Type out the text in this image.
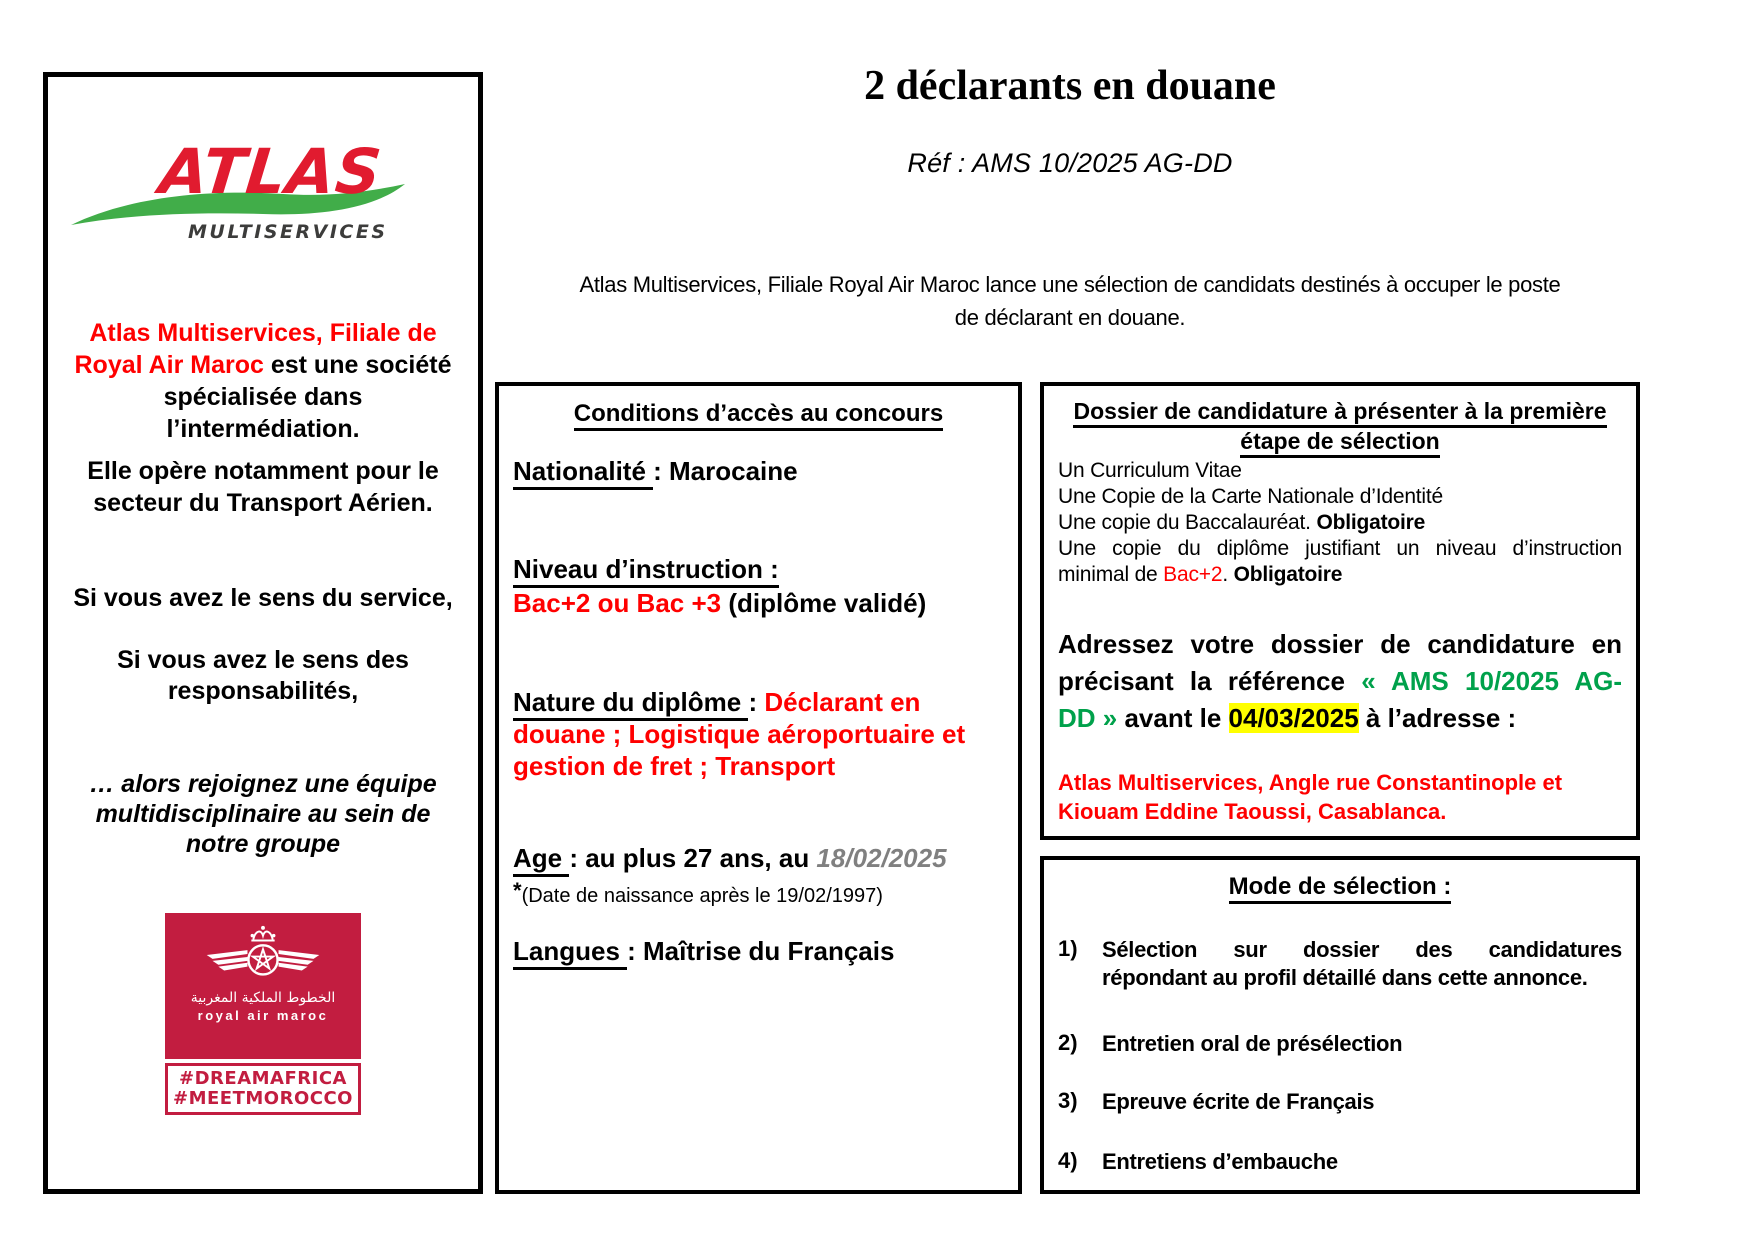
2 déclarants en douane
Réf : AMS 10/2025 AG-DD
Atlas Multiservices, Filiale Royal Air Maroc lance une sélection de candidats destinés à occuper le poste
de déclarant en douane.
ATLAS
MULTISERVICES
Atlas Multiservices, Filiale de
Royal Air Maroc est une société
spécialisée dans
l’intermédiation.
Elle opère notamment pour le
secteur du Transport Aérien.
Si vous avez le sens du service,
Si vous avez le sens des
responsabilités,
… alors rejoignez une équipe
multidisciplinaire au sein de
notre groupe
الخطوط الملكية المغربية
royal air maroc
#DREAMAFRICA
#MEETMOROCCO
Conditions d’accès au concours
Nationalité : Marocaine
Niveau d’instruction :
Bac+2 ou Bac +3 (diplôme validé)
Nature du diplôme : Déclarant en
douane ; Logistique aéroportuaire et
gestion de fret ; Transport
Age : au plus 27 ans, au 18/02/2025
*(Date de naissance après le 19/02/1997)
Langues : Maîtrise du Français
Dossier de candidature à présenter à la première
étape de sélection
Un Curriculum Vitae
Une Copie de la Carte Nationale d’Identité
Une copie du Baccalauréat. Obligatoire
Une copie du diplôme justifiant un niveau d’instruction
minimal de Bac+2. Obligatoire
Adressez votre dossier de candidature en
précisant la référence « AMS 10/2025 AG-
DD » avant le 04/03/2025 à l’adresse :
Atlas Multiservices, Angle rue Constantinople et
Kiouam Eddine Taoussi, Casablanca.
Mode de sélection :
1)	Sélection sur dossier des candidatures
répondant au profil détaillé dans cette annonce.
2)	Entretien oral de présélection
3)	Epreuve écrite de Français
4)	Entretiens d’embauche
